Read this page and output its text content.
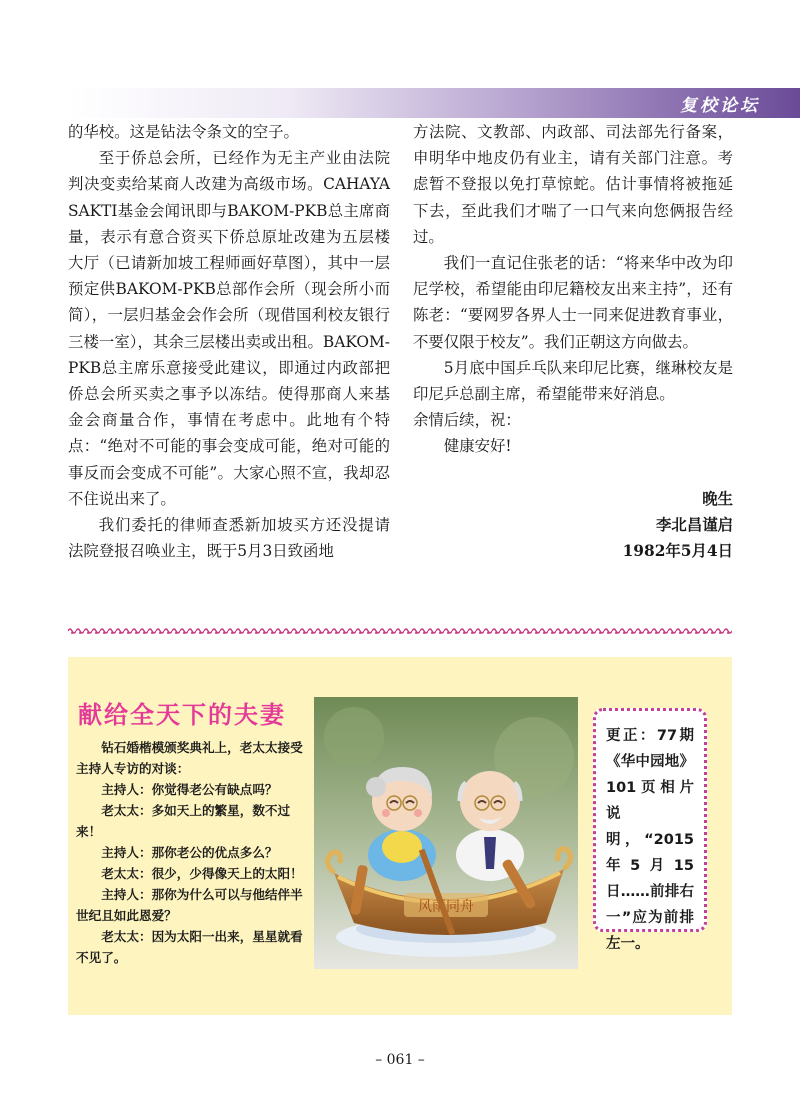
复校论坛

的华校。这是钻法令条文的空子。

至于侨总会所，已经作为无主产业由法院判决变卖给某商人改建为高级市场。CAHAYA SAKTI基金会闻讯即与BAKOM-PKB总主席商量，表示有意合资买下侨总原址改建为五层楼大厅（已请新加坡工程师画好草图），其中一层预定供BAKOM-PKB总部作会所（现会所小而简），一层归基金会作会所（现借国利校友银行三楼一室），其余三层楼出卖或出租。BAKOM-PKB总主席乐意接受此建议，即通过内政部把侨总会所买卖之事予以冻结。使得那商人来基金会商量合作，事情在考虑中。此地有个特点：“绝对不可能的事会变成可能，绝对可能的事反而会变成不可能”。大家心照不宣，我却忍不住说出来了。

我们委托的律师查悉新加坡买方还没提请法院登报召唤业主，既于5月3日致函地

方法院、文教部、内政部、司法部先行备案，申明华中地皮仍有业主，请有关部门注意。考虑暂不登报以免打草惊蛇。估计事情将被拖延下去，至此我们才喘了一口气来向您俩报告经过。

我们一直记住张老的话：“将来华中改为印尼学校，希望能由印尼籍校友出来主持”，还有陈老：“要网罗各界人士一同来促进教育事业，不要仅限于校友”。我们正朝这方向做去。

5月底中国乒乓队来印尼比赛，继琳校友是印尼乒总副主席，希望能带来好消息。

余情后续，祝：

健康安好!

晚生

李北昌谨启

1982年5月4日

献给全天下的夫妻

钻石婚楷模颁奖典礼上，老太太接受主持人专访的对谈：

主持人：你觉得老公有缺点吗？

老太太：多如天上的繁星，数不过来！

主持人：那你老公的优点多么？

老太太：很少，少得像天上的太阳！

主持人：那你为什么可以与他结伴半世纪且如此恩爱？

老太太：因为太阳一出来，星星就看不见了。

风雨同舟
更正：77期《华中园地》101页相片说明，“2015年5月15日……前排右一”应为前排左一。
– 061 –
